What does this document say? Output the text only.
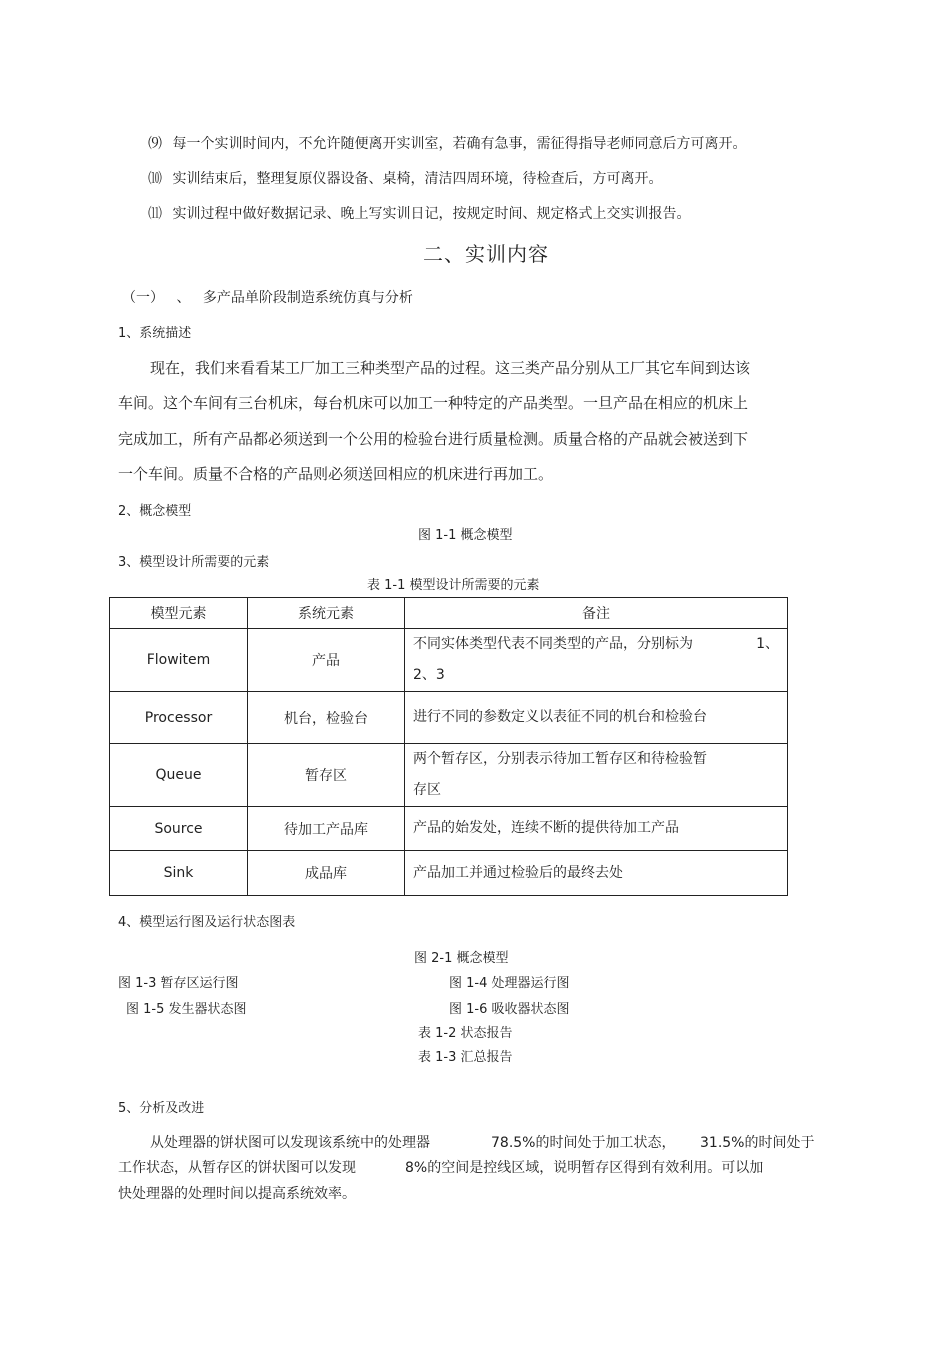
⑼ 每一个实训时间内，不允许随便离开实训室，若确有急事，需征得指导老师同意后方可离开。
⑽ 实训结束后，整理复原仪器设备、桌椅，清洁四周环境，待检查后，方可离开。
⑾ 实训过程中做好数据记录、晚上写实训日记，按规定时间、规定格式上交实训报告。
二、实训内容
（一） 、 多产品单阶段制造系统仿真与分析
1、系统描述
现在，我们来看看某工厂加工三种类型产品的过程。这三类产品分别从工厂其它车间到达该
车间。这个车间有三台机床，每台机床可以加工一种特定的产品类型。一旦产品在相应的机床上
完成加工，所有产品都必须送到一个公用的检验台进行质量检测。质量合格的产品就会被送到下
一个车间。质量不合格的产品则必须送回相应的机床进行再加工。
2、概念模型
图 1-1 概念模型
3、模型设计所需要的元素
表 1-1 模型设计所需要的元素
模型元素	系统元素	备注
Flowitem	产品	不同实体类型代表不同类型的产品，分别标为 1、
2、3

Processor	机台，检验台	进行不同的参数定义以表征不同的机台和检验台

Queue	暂存区	两个暂存区，分别表示待加工暂存区和待检验暂
存区

Source	待加工产品库	产品的始发处，连续不断的提供待加工产品

Sink	成品库	产品加工并通过检验后的最终去处
4、模型运行图及运行状态图表
图 2-1 概念模型
图 1-3 暂存区运行图	图 1-4 处理器运行图
图 1-5 发生器状态图	图 1-6 吸收器状态图
表 1-2 状态报告
表 1-3 汇总报告
5、分析及改进
从处理器的饼状图可以发现该系统中的处理器	78.5%的时间处于加工状态， 31.5%的时间处于
工作状态，从暂存区的饼状图可以发现	8%的空间是控线区域，说明暂存区得到有效利用。可以加
快处理器的处理时间以提高系统效率。
